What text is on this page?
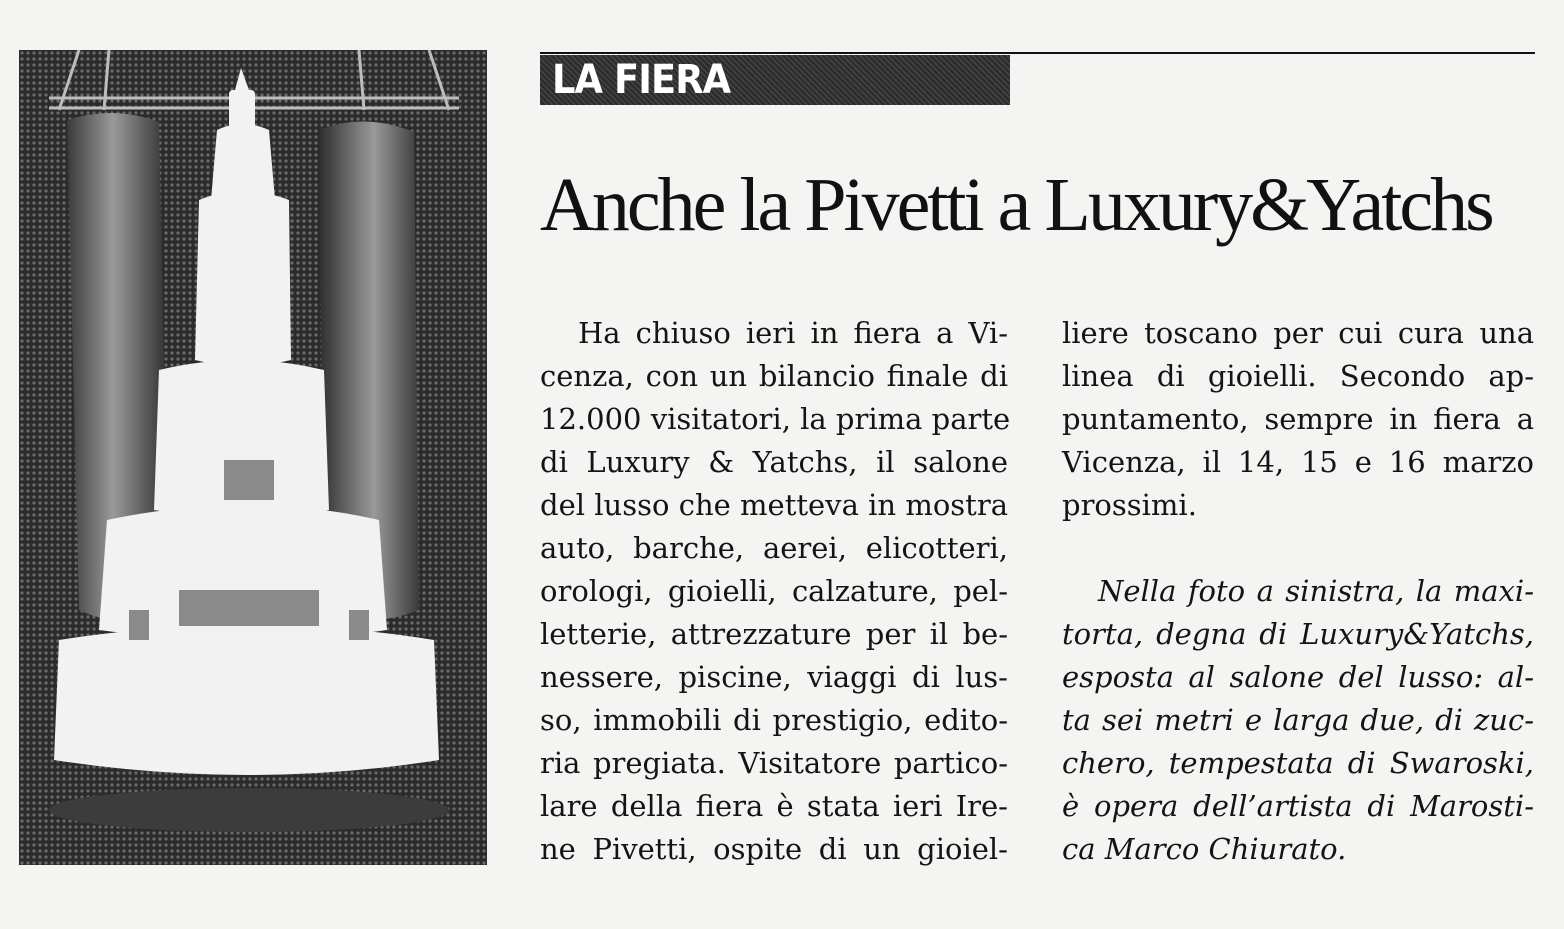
LA FIERA
Anche la Pivetti a Luxury&Yatchs
Ha chiuso ieri in fiera a Vi-
cenza, con un bilancio finale di
12.000 visitatori, la prima parte
di Luxury & Yatchs, il salone
del lusso che metteva in mostra
auto, barche, aerei, elicotteri,
orologi, gioielli, calzature, pel-
letterie, attrezzature per il be-
nessere, piscine, viaggi di lus-
so, immobili di prestigio, edito-
ria pregiata. Visitatore partico-
lare della fiera è stata ieri Ire-
ne Pivetti, ospite di un gioiel-
liere toscano per cui cura una
linea di gioielli. Secondo ap-
puntamento, sempre in fiera a
Vicenza, il 14, 15 e 16 marzo
prossimi.
Nella foto a sinistra, la maxi-
torta, degna di Luxury&Yatchs,
esposta al salone del lusso: al-
ta sei metri e larga due, di zuc-
chero, tempestata di Swaroski,
è opera dell’artista di Marosti-
ca Marco Chiurato.
